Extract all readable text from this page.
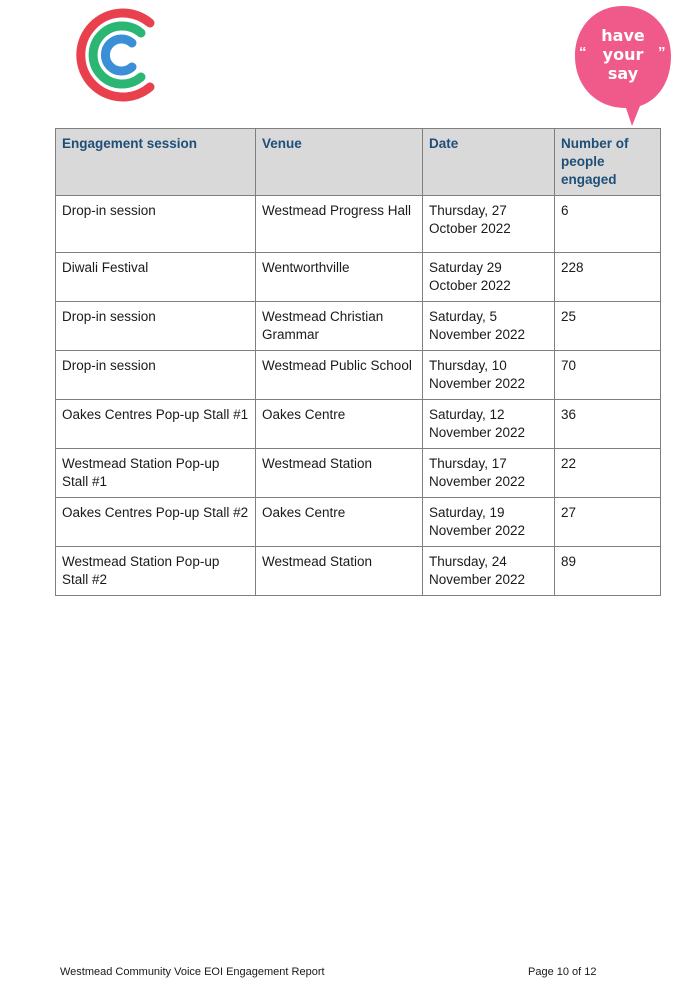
have
your
say
“	”
Engagement session	Venue	Date	Number of people engaged
Drop-in session	Westmead Progress Hall	Thursday, 27 October 2022	6
Diwali Festival	Wentworthville	Saturday 29 October 2022	228
Drop-in session	Westmead Christian Grammar	Saturday, 5 November 2022	25
Drop-in session	Westmead Public School	Thursday, 10 November 2022	70
Oakes Centres Pop-up Stall #1	Oakes Centre	Saturday, 12 November 2022	36
Westmead Station Pop-up Stall #1	Westmead Station	Thursday, 17 November 2022	22
Oakes Centres Pop-up Stall #2	Oakes Centre	Saturday, 19 November 2022	27
Westmead Station Pop-up Stall #2	Westmead Station	Thursday, 24 November 2022	89
Westmead Community Voice EOI Engagement Report	Page 10 of 12
